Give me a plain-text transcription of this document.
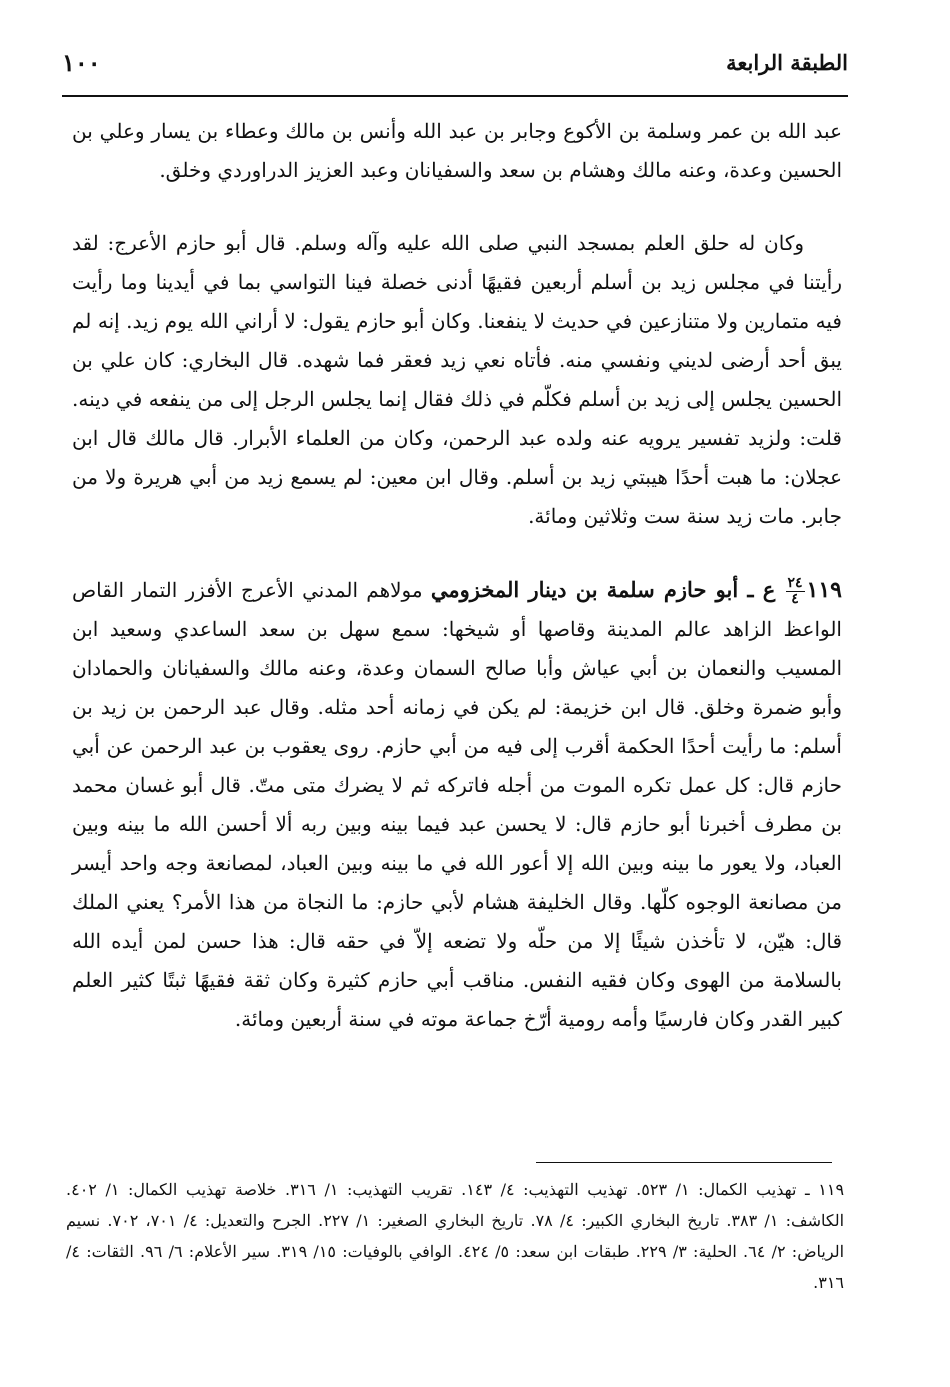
١٠٠	الطبقة الرابعة

عبد الله بن عمر وسلمة بن الأكوع وجابر بن عبد الله وأنس بن مالك وعطاء بن يسار وعلي بن الحسين وعدة، وعنه مالك وهشام بن سعد والسفيانان وعبد العزيز الدراوردي وخلق.

وكان له حلق العلم بمسجد النبي صلى الله عليه وآله وسلم. قال أبو حازم الأعرج: لقد رأيتنا في مجلس زيد بن أسلم أربعين فقيهًا أدنى خصلة فينا التواسي بما في أيدينا وما رأيت فيه متمارين ولا متنازعين في حديث لا ينفعنا. وكان أبو حازم يقول: لا أراني الله يوم زيد. إنه لم يبق أحد أرضى لديني ونفسي منه. فأتاه نعي زيد فعقر فما شهده. قال البخاري: كان علي بن الحسين يجلس إلى زيد بن أسلم فكلّم في ذلك فقال إنما يجلس الرجل إلى من ينفعه في دينه. قلت: ولزيد تفسير يرويه عنه ولده عبد الرحمن، وكان من العلماء الأبرار. قال مالك قال ابن عجلان: ما هبت أحدًا هيبتي زيد بن أسلم. وقال ابن معين: لم يسمع زيد من أبي هريرة ولا من جابر. مات زيد سنة ست وثلاثين ومائة.

١١٩
$\frac{٢٤}{٤}$
ع ـ أبو حازم سلمة بن دينار المخزومي مولاهم المدني الأعرج الأفزر التمار القاص الواعظ الزاهد عالم المدينة وقاصها أو شيخها: سمع سهل بن سعد الساعدي وسعيد ابن المسيب والنعمان بن أبي عياش وأبا صالح السمان وعدة، وعنه مالك والسفيانان والحمادان وأبو ضمرة وخلق. قال ابن خزيمة: لم يكن في زمانه أحد مثله. وقال عبد الرحمن بن زيد بن أسلم: ما رأيت أحدًا الحكمة أقرب إلى فيه من أبي حازم. روى يعقوب بن عبد الرحمن عن أبي حازم قال: كل عمل تكره الموت من أجله فاتركه ثم لا يضرك متى متّ. قال أبو غسان محمد بن مطرف أخبرنا أبو حازم قال: لا يحسن عبد فيما بينه وبين ربه ألا أحسن الله ما بينه وبين العباد، ولا يعور ما بينه وبين الله إلا أعور الله في ما بينه وبين العباد، لمصانعة وجه واحد أيسر من مصانعة الوجوه كلّها. وقال الخليفة هشام لأبي حازم: ما النجاة من هذا الأمر؟ يعني الملك قال: هيّن، لا تأخذن شيئًا إلا من حلّه ولا تضعه إلاّ في حقه قال: هذا حسن لمن أيده الله بالسلامة من الهوى وكان فقيه النفس. مناقب أبي حازم كثيرة وكان ثقة فقيهًا ثبتًا كثير العلم كبير القدر وكان فارسيًا وأمه رومية أرّخ جماعة موته في سنة أربعين ومائة.

١١٩ ـ تهذيب الكمال: ١/ ٥٢٣. تهذيب التهذيب: ٤/ ١٤٣. تقريب التهذيب: ١/ ٣١٦. خلاصة تهذيب الكمال: ١/ ٤٠٢. الكاشف: ١/ ٣٨٣. تاريخ البخاري الكبير: ٤/ ٧٨. تاريخ البخاري الصغير: ١/ ٢٢٧. الجرح والتعديل: ٤/ ٧٠١، ٧٠٢. نسيم الرياض: ٢/ ٦٤. الحلية: ٣/ ٢٢٩. طبقات ابن سعد: ٥/ ٤٢٤. الوافي بالوفيات: ١٥/ ٣١٩. سير الأعلام: ٦/ ٩٦. الثقات: ٤/ ٣١٦.
